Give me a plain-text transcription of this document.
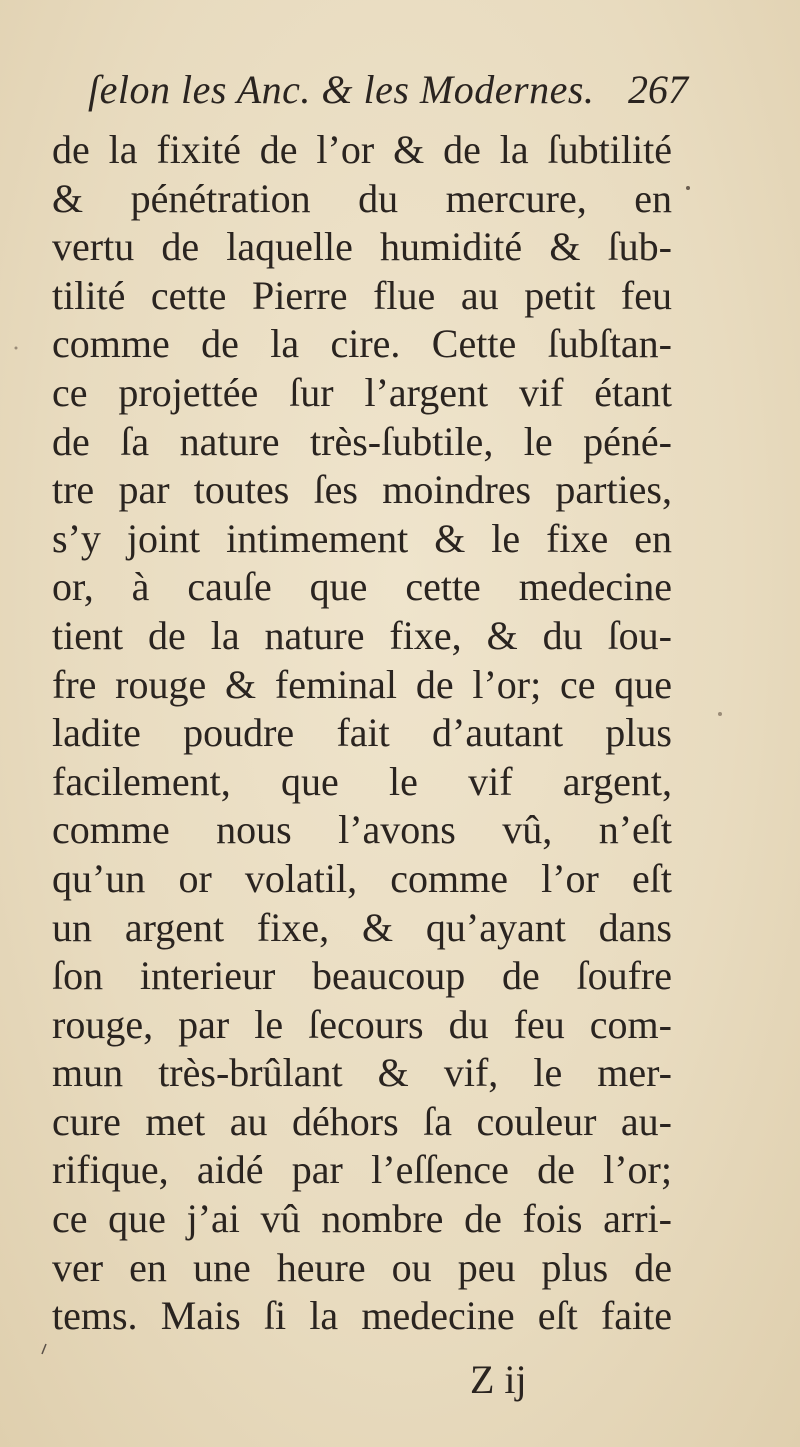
ſelon les Anc. & les Modernes. 267
de la fixité de l’or & de la ſubtilité
& pénétration du mercure, en
vertu de laquelle humidité & ſub-
tilité cette Pierre flue au petit feu
comme de la cire. Cette ſubſtan-
ce projettée ſur l’argent vif étant
de ſa nature très-ſubtile, le péné-
tre par toutes ſes moindres parties,
s’y joint intimement & le fixe en
or, à cauſe que cette medecine
tient de la nature fixe, & du ſou-
fre rouge & feminal de l’or; ce que
ladite poudre fait d’autant plus
facilement, que le vif argent,
comme nous l’avons vû, n’eſt
qu’un or volatil, comme l’or eſt
un argent fixe, & qu’ayant dans
ſon interieur beaucoup de ſoufre
rouge, par le ſecours du feu com-
mun très-brûlant & vif, le mer-
cure met au déhors ſa couleur au-
rifique, aidé par l’eſſence de l’or;
ce que j’ai vû nombre de fois arri-
ver en une heure ou peu plus de
tems. Mais ſi la medecine eſt faite
Z ij
